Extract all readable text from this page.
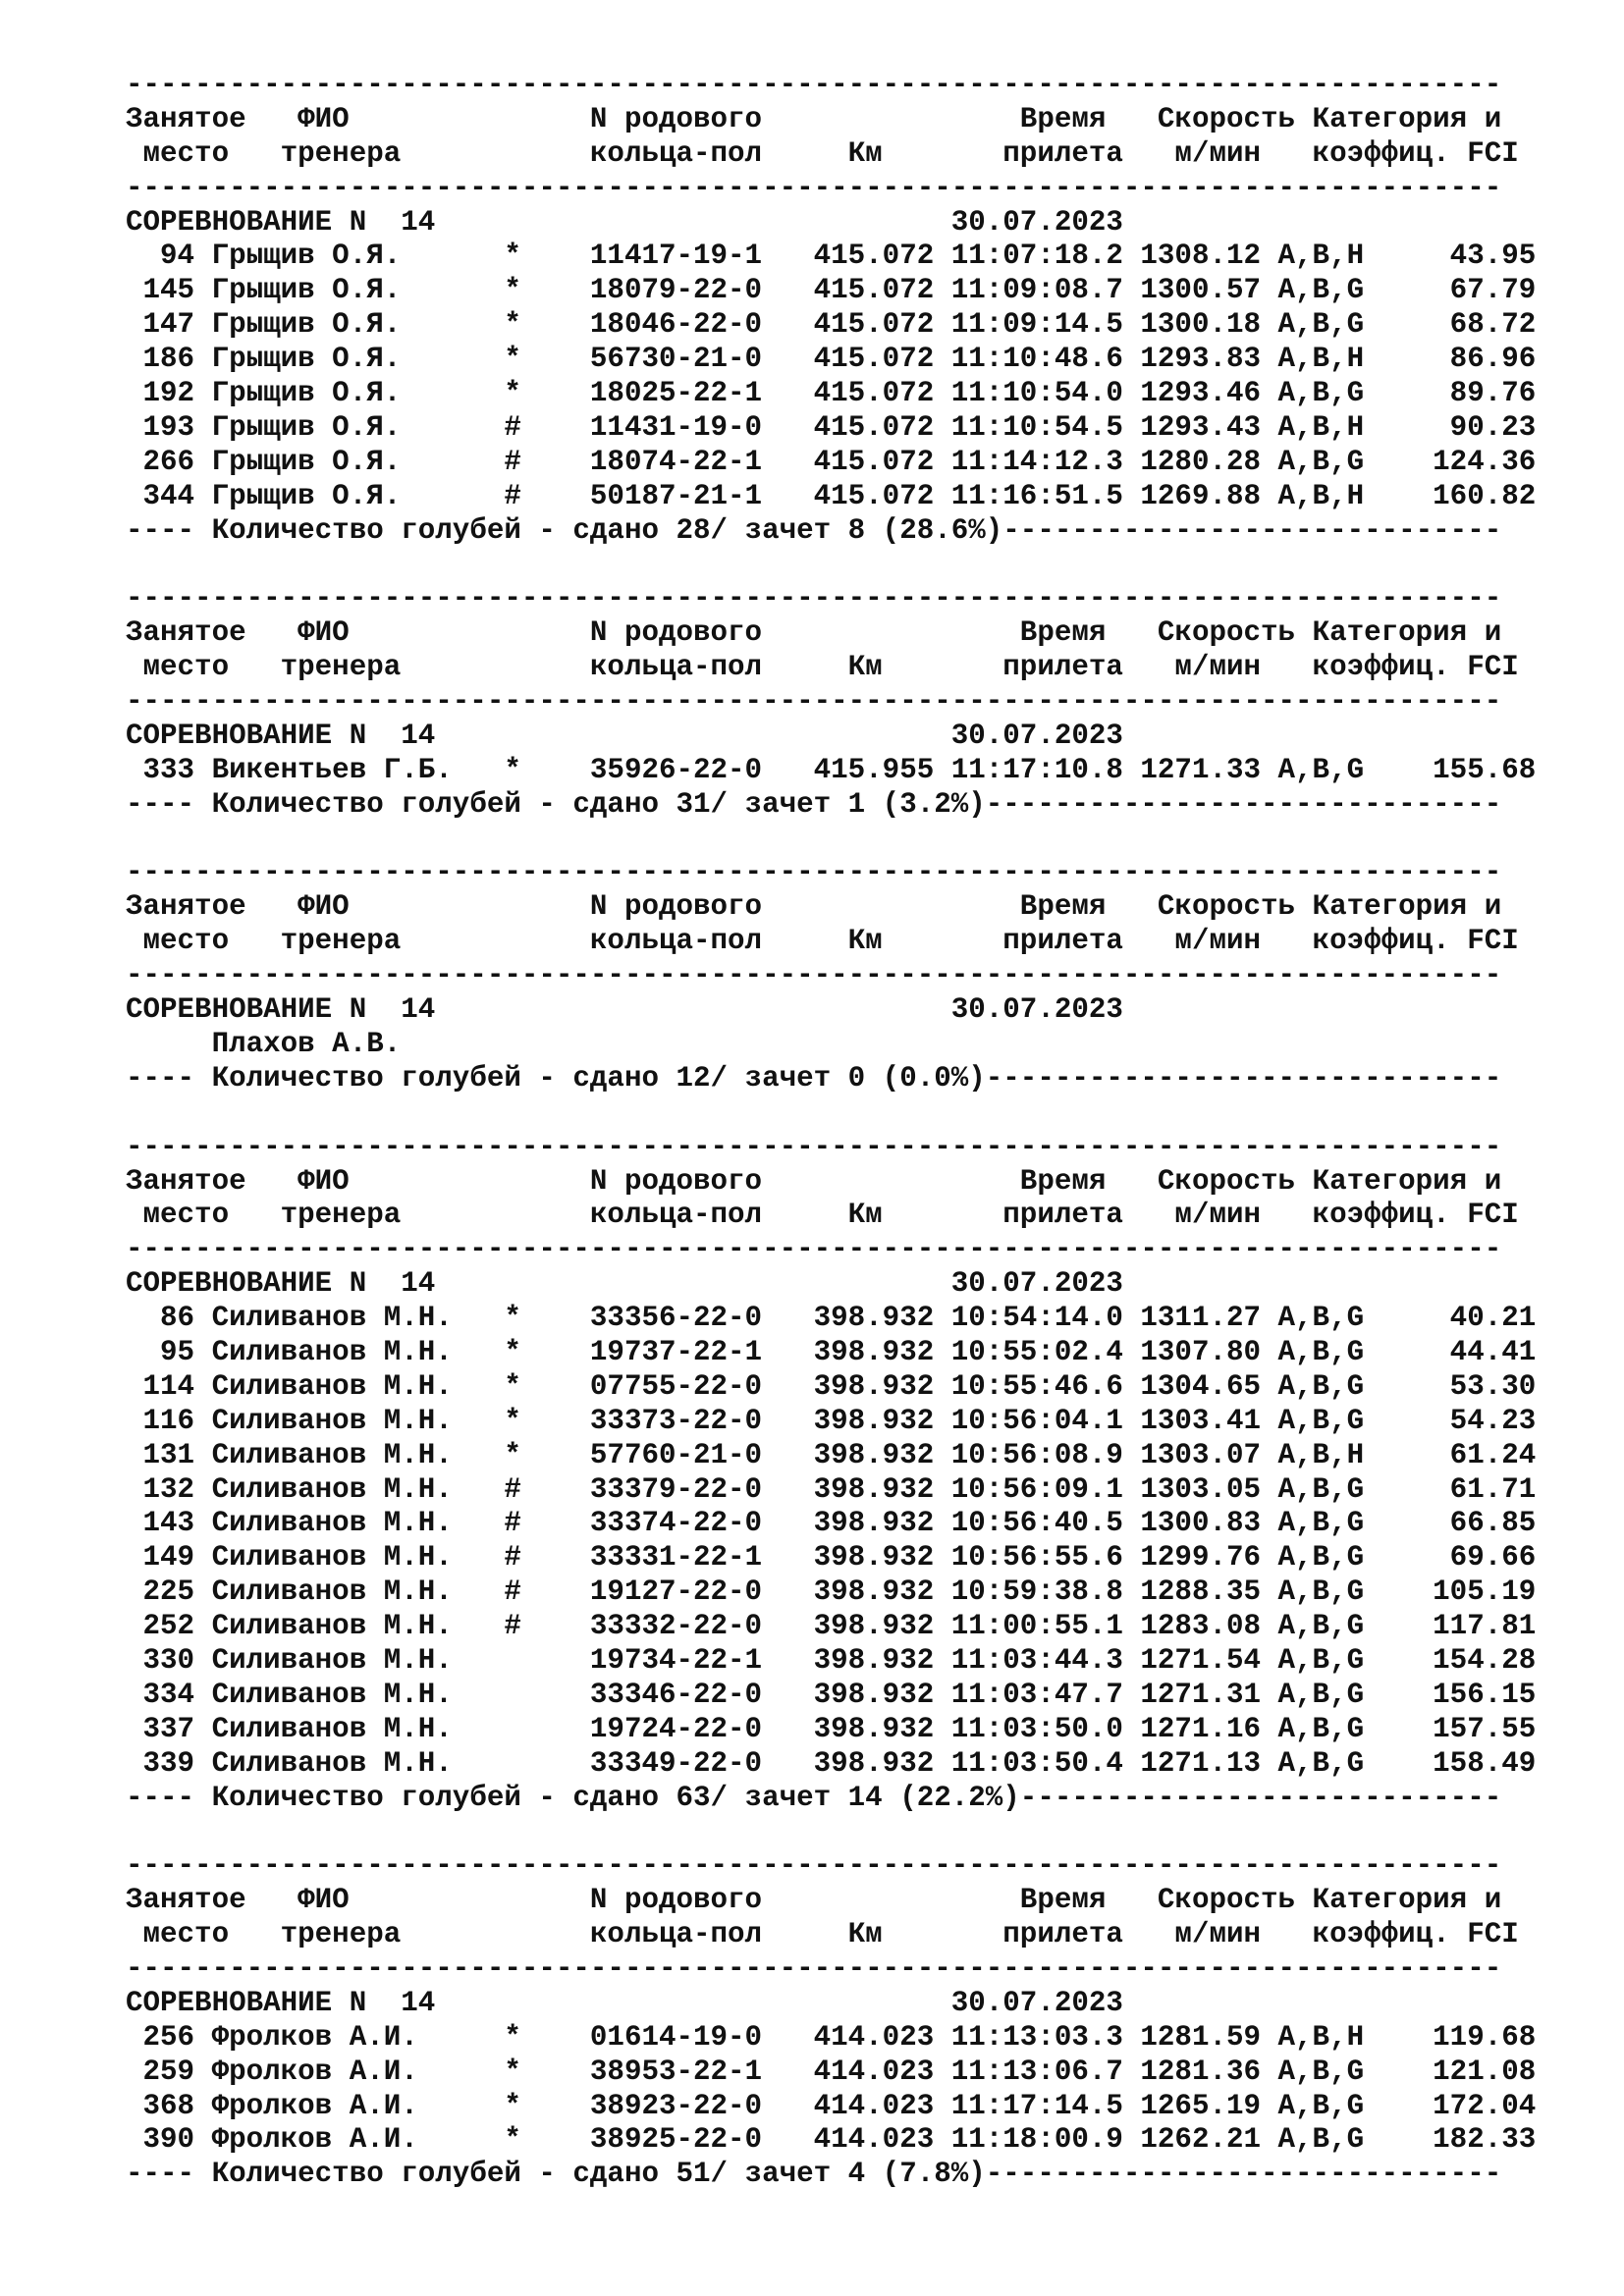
--------------------------------------------------------------------------------
Занятое   ФИО              N родового               Время   Скорость Категория и
место   тренера           кольца-пол     Км       прилета   м/мин   коэффиц. FCI
--------------------------------------------------------------------------------
СОРЕВНОВАНИЕ N  14                              30.07.2023
94 Грыщив О.Я.      *    11417-19-1   415.072 11:07:18.2 1308.12 A,B,H     43.95
145 Грыщив О.Я.      *    18079-22-0   415.072 11:09:08.7 1300.57 A,B,G     67.79
147 Грыщив О.Я.      *    18046-22-0   415.072 11:09:14.5 1300.18 A,B,G     68.72
186 Грыщив О.Я.      *    56730-21-0   415.072 11:10:48.6 1293.83 A,B,H     86.96
192 Грыщив О.Я.      *    18025-22-1   415.072 11:10:54.0 1293.46 A,B,G     89.76
193 Грыщив О.Я.      #    11431-19-0   415.072 11:10:54.5 1293.43 A,B,H     90.23
266 Грыщив О.Я.      #    18074-22-1   415.072 11:14:12.3 1280.28 A,B,G    124.36
344 Грыщив О.Я.      #    50187-21-1   415.072 11:16:51.5 1269.88 A,B,H    160.82
---- Количество голубей - сдано 28/ зачет 8 (28.6%)-----------------------------
--------------------------------------------------------------------------------
Занятое   ФИО              N родового               Время   Скорость Категория и
место   тренера           кольца-пол     Км       прилета   м/мин   коэффиц. FCI
--------------------------------------------------------------------------------
СОРЕВНОВАНИЕ N  14                              30.07.2023
333 Викентьев Г.Б.   *    35926-22-0   415.955 11:17:10.8 1271.33 A,B,G    155.68
---- Количество голубей - сдано 31/ зачет 1 (3.2%)------------------------------
--------------------------------------------------------------------------------
Занятое   ФИО              N родового               Время   Скорость Категория и
место   тренера           кольца-пол     Км       прилета   м/мин   коэффиц. FCI
--------------------------------------------------------------------------------
СОРЕВНОВАНИЕ N  14                              30.07.2023
Плахов А.В.
---- Количество голубей - сдано 12/ зачет 0 (0.0%)------------------------------
--------------------------------------------------------------------------------
Занятое   ФИО              N родового               Время   Скорость Категория и
место   тренера           кольца-пол     Км       прилета   м/мин   коэффиц. FCI
--------------------------------------------------------------------------------
СОРЕВНОВАНИЕ N  14                              30.07.2023
86 Силиванов М.Н.   *    33356-22-0   398.932 10:54:14.0 1311.27 A,B,G     40.21
95 Силиванов М.Н.   *    19737-22-1   398.932 10:55:02.4 1307.80 A,B,G     44.41
114 Силиванов М.Н.   *    07755-22-0   398.932 10:55:46.6 1304.65 A,B,G     53.30
116 Силиванов М.Н.   *    33373-22-0   398.932 10:56:04.1 1303.41 A,B,G     54.23
131 Силиванов М.Н.   *    57760-21-0   398.932 10:56:08.9 1303.07 A,B,H     61.24
132 Силиванов М.Н.   #    33379-22-0   398.932 10:56:09.1 1303.05 A,B,G     61.71
143 Силиванов М.Н.   #    33374-22-0   398.932 10:56:40.5 1300.83 A,B,G     66.85
149 Силиванов М.Н.   #    33331-22-1   398.932 10:56:55.6 1299.76 A,B,G     69.66
225 Силиванов М.Н.   #    19127-22-0   398.932 10:59:38.8 1288.35 A,B,G    105.19
252 Силиванов М.Н.   #    33332-22-0   398.932 11:00:55.1 1283.08 A,B,G    117.81
330 Силиванов М.Н.        19734-22-1   398.932 11:03:44.3 1271.54 A,B,G    154.28
334 Силиванов М.Н.        33346-22-0   398.932 11:03:47.7 1271.31 A,B,G    156.15
337 Силиванов М.Н.        19724-22-0   398.932 11:03:50.0 1271.16 A,B,G    157.55
339 Силиванов М.Н.        33349-22-0   398.932 11:03:50.4 1271.13 A,B,G    158.49
---- Количество голубей - сдано 63/ зачет 14 (22.2%)----------------------------
--------------------------------------------------------------------------------
Занятое   ФИО              N родового               Время   Скорость Категория и
место   тренера           кольца-пол     Км       прилета   м/мин   коэффиц. FCI
--------------------------------------------------------------------------------
СОРЕВНОВАНИЕ N  14                              30.07.2023
256 Фролков А.И.     *    01614-19-0   414.023 11:13:03.3 1281.59 A,B,H    119.68
259 Фролков А.И.     *    38953-22-1   414.023 11:13:06.7 1281.36 A,B,G    121.08
368 Фролков А.И.     *    38923-22-0   414.023 11:17:14.5 1265.19 A,B,G    172.04
390 Фролков А.И.     *    38925-22-0   414.023 11:18:00.9 1262.21 A,B,G    182.33
---- Количество голубей - сдано 51/ зачет 4 (7.8%)------------------------------
